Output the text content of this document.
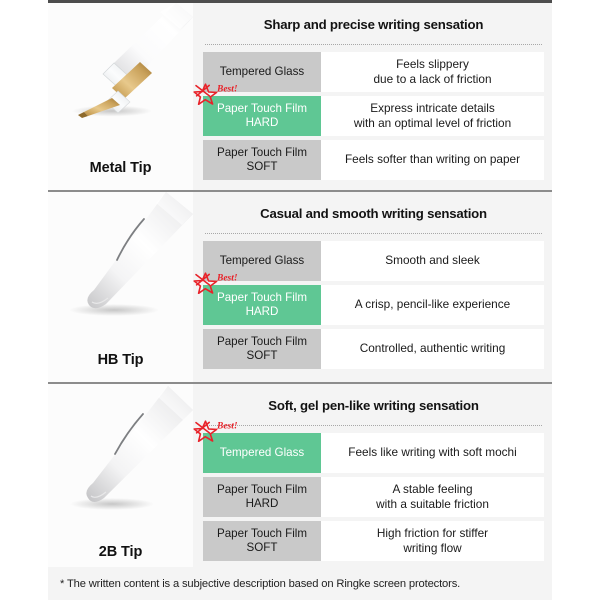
Metal Tip
Sharp and precise writing sensation
Tempered Glass
Feels slippery
due to a lack of friction
Best!
Paper Touch Film
HARD
Express intricate details
with an optimal level of friction
Paper Touch Film
SOFT
Feels softer than writing on paper
HB Tip
Casual and smooth writing sensation
Tempered Glass	Smooth and sleek
Best!
Paper Touch Film
HARD
A crisp, pencil-like experience
Paper Touch Film
SOFT
Controlled, authentic writing
2B Tip
Soft, gel pen-like writing sensation
Best!
Tempered Glass	Feels like writing with soft mochi
Paper Touch Film
HARD
A stable feeling
with a suitable friction
Paper Touch Film
SOFT
High friction for stiffer
writing flow
* The written content is a subjective description based on Ringke screen protectors.
